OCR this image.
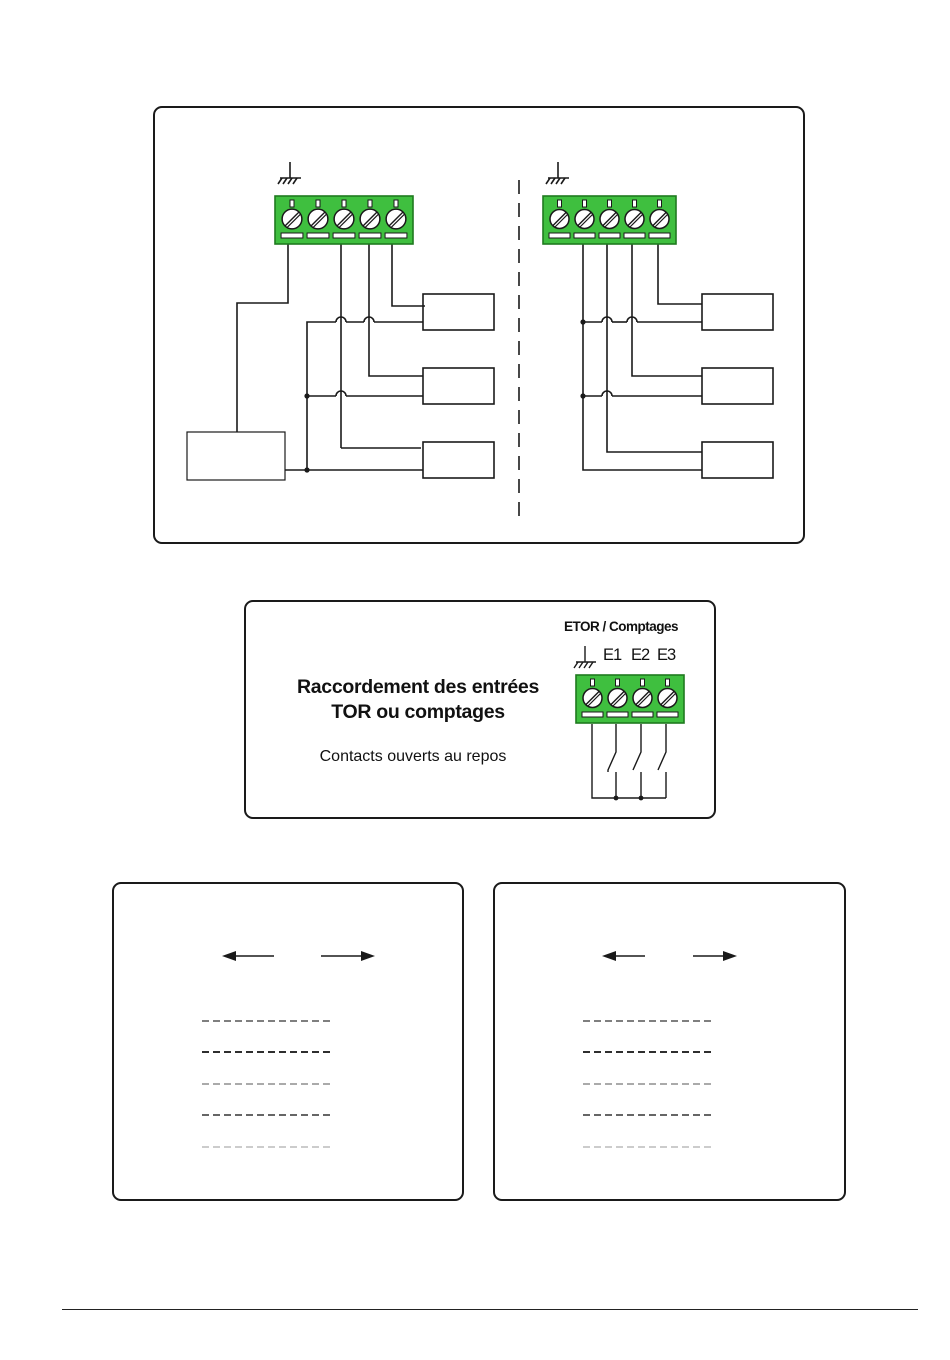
ETOR / Comptages
E1 E2 E3
Raccordement des entrées
TOR ou comptages
Contacts ouverts au repos
